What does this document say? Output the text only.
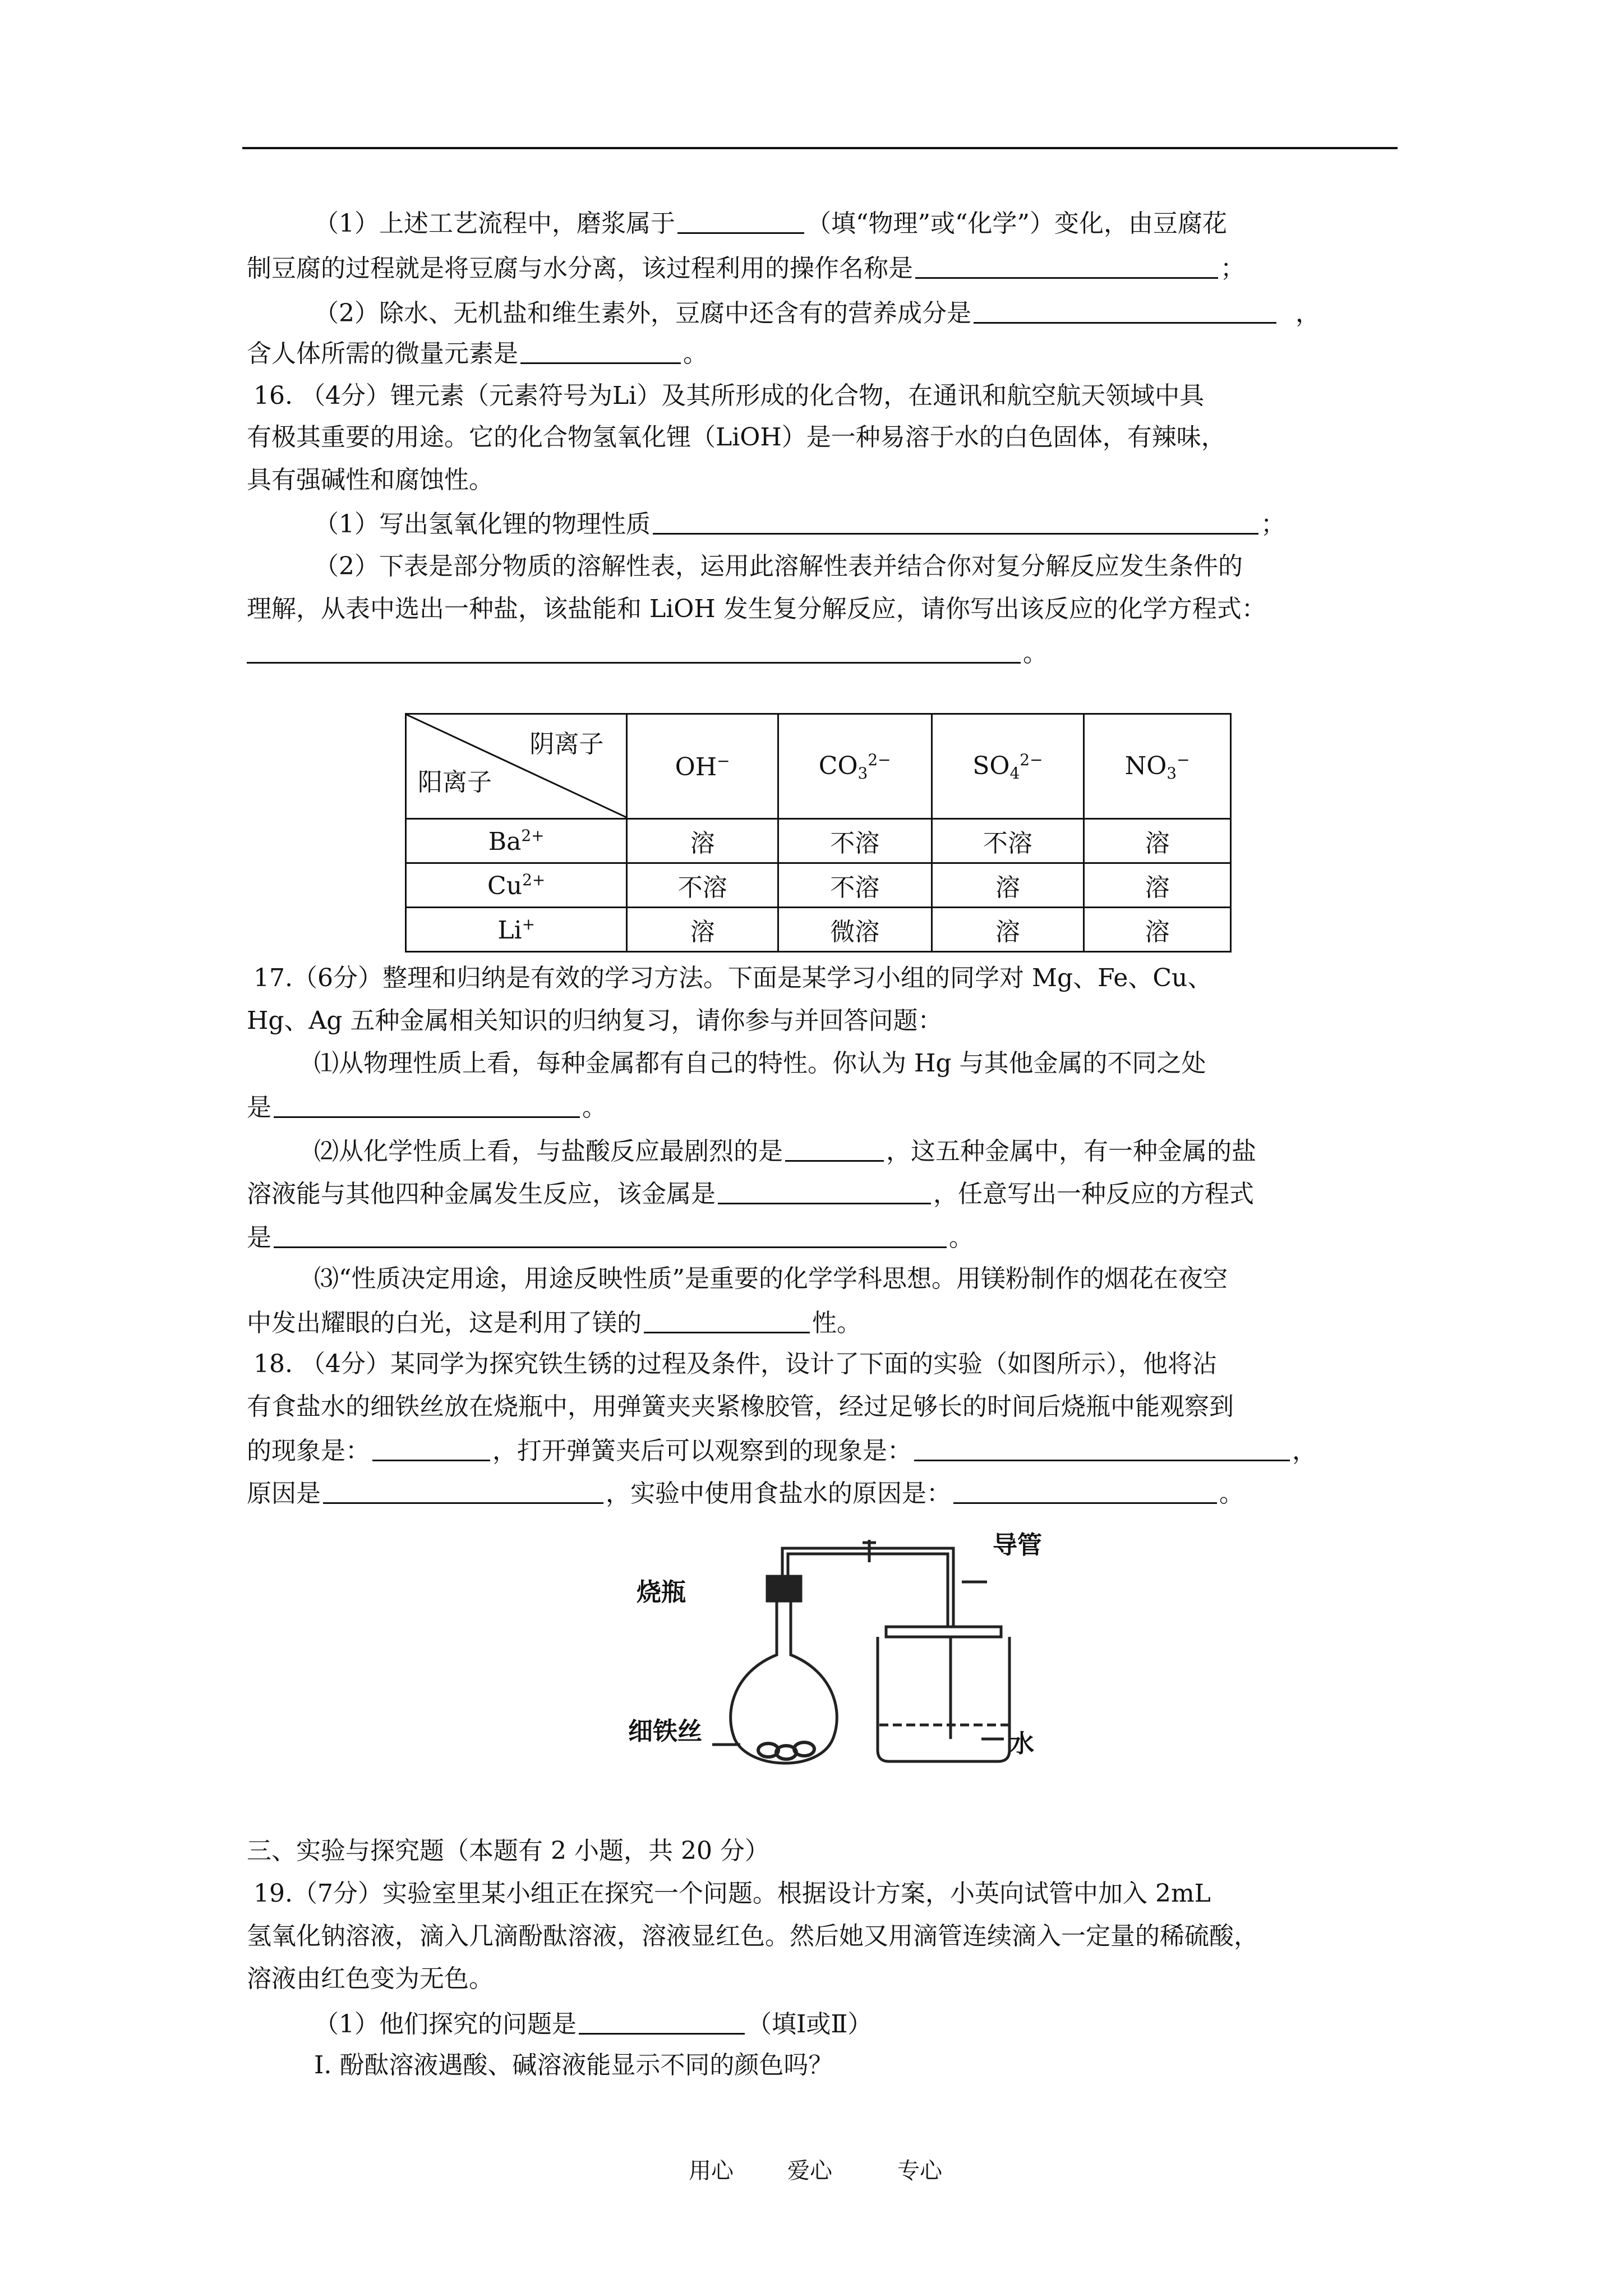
（1）上述工艺流程中，磨浆属于	（填“物理”或“化学”）变化，由豆腐花
制豆腐的过程就是将豆腐与水分离，该过程利用的操作名称是	；
（2）除水、无机盐和维生素外，豆腐中还含有的营养成分是	，
含人体所需的微量元素是	。
16. （4分）锂元素（元素符号为Li）及其所形成的化合物，在通讯和航空航天领域中具
有极其重要的用途。它的化合物氢氧化锂（LiOH）是一种易溶于水的白色固体，有辣味，
具有强碱性和腐蚀性。
（1）写出氢氧化锂的物理性质	；
（2）下表是部分物质的溶解性表，运用此溶解性表并结合你对复分解反应发生条件的
理解，从表中选出一种盐，该盐能和 LiOH 发生复分解反应，请你写出该反应的化学方程式：
。
阴离子
阳离子	OH−	$CO_3^{2-}$	$SO_4^{2-}$	$NO_3^-$
$Ba^{2+}$	溶	不溶	不溶	溶
$Cu^{2+}$	不溶	不溶	溶	溶
Li+	溶	微溶	溶	溶
17.（6分）整理和归纳是有效的学习方法。下面是某学习小组的同学对 Mg、Fe、Cu、
Hg、Ag 五种金属相关知识的归纳复习，请你参与并回答问题：
⑴从物理性质上看，每种金属都有自己的特性。你认为 Hg 与其他金属的不同之处
是	。
⑵从化学性质上看，与盐酸反应最剧烈的是	，这五种金属中，有一种金属的盐
溶液能与其他四种金属发生反应，该金属是	，任意写出一种反应的方程式
是	。
⑶“性质决定用途，用途反映性质”是重要的化学学科思想。用镁粉制作的烟花在夜空
中发出耀眼的白光，这是利用了镁的	性。
18. （4分）某同学为探究铁生锈的过程及条件，设计了下面的实验（如图所示），他将沾
有食盐水的细铁丝放在烧瓶中，用弹簧夹夹紧橡胶管，经过足够长的时间后烧瓶中能观察到
的现象是：	，打开弹簧夹后可以观察到的现象是：	，
原因是	，实验中使用食盐水的原因是：	。
烧瓶
导管
细铁丝	水
三、实验与探究题（本题有 2 小题，共 20 分）
19.（7分）实验室里某小组正在探究一个问题。根据设计方案，小英向试管中加入 2mL
氢氧化钠溶液，滴入几滴酚酞溶液，溶液显红色。然后她又用滴管连续滴入一定量的稀硫酸，
溶液由红色变为无色。
（1）他们探究的问题是	（填Ⅰ或Ⅱ）
Ⅰ. 酚酞溶液遇酸、碱溶液能显示不同的颜色吗？
用心 爱心	专心
